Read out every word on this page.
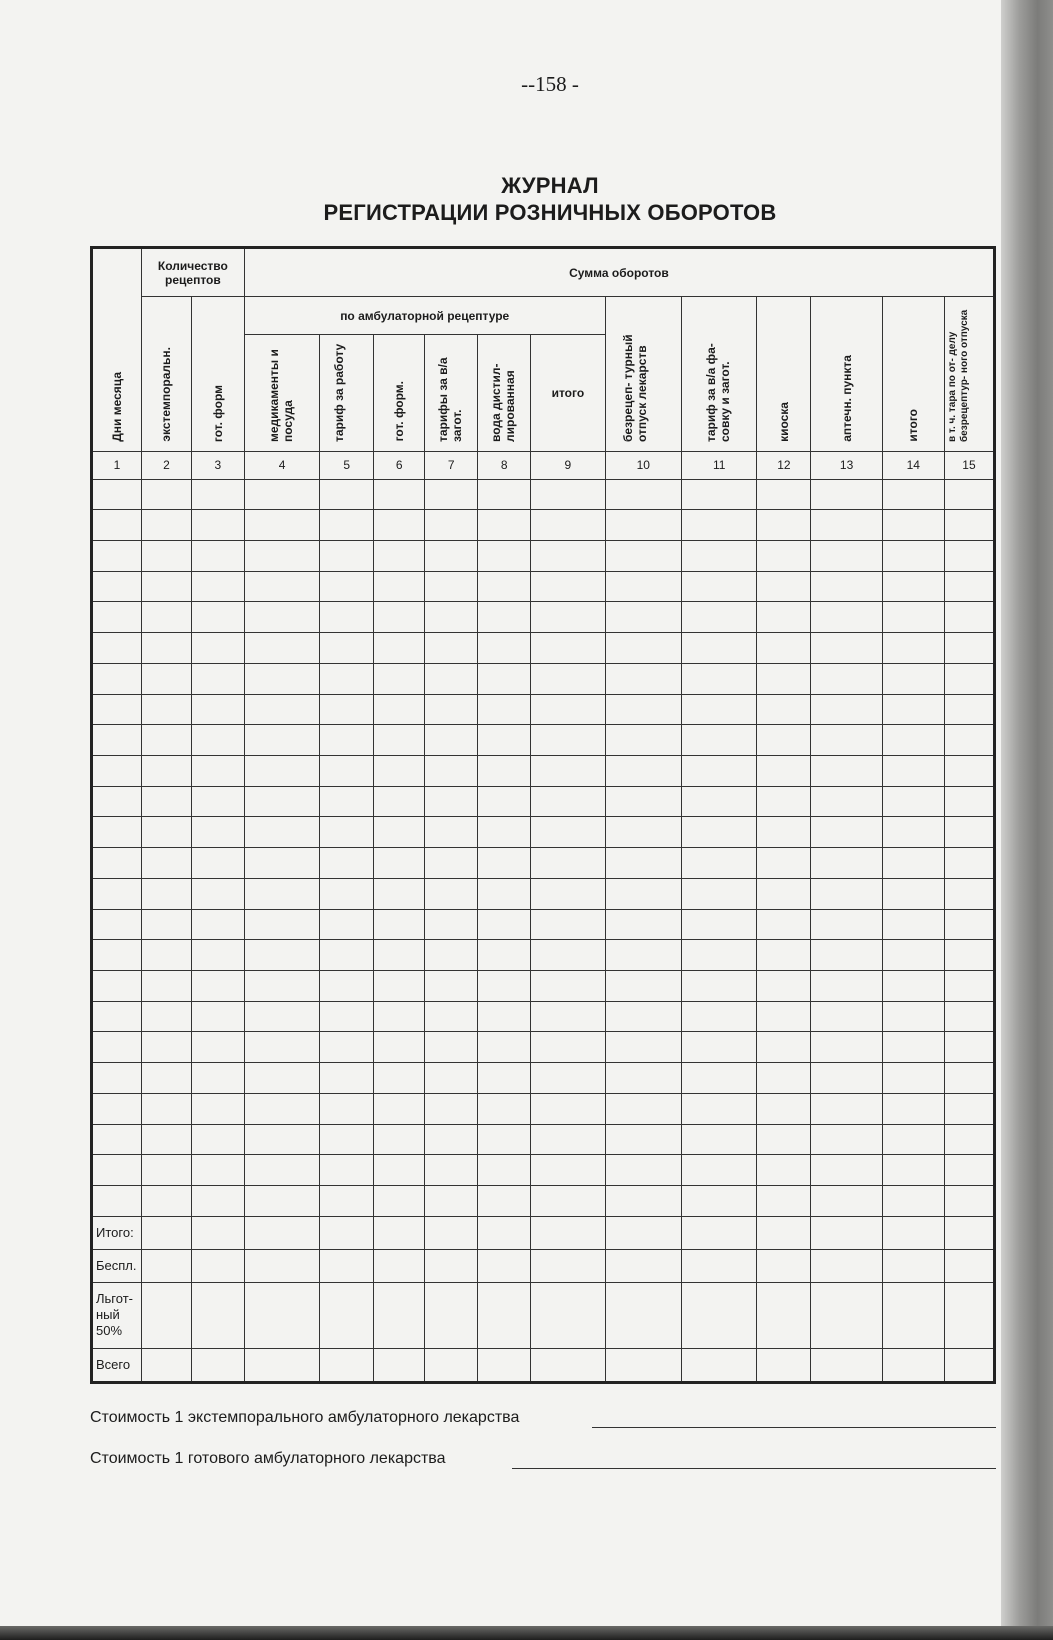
--158 -
ЖУРНАЛ
РЕГИСТРАЦИИ РОЗНИЧНЫХ ОБОРОТОВ
Дни месяца	Количество рецептов		Сумма оборотов											
	экстемпоральн.	гот. форм	по амбулаторной рецептуре						безрецеп- турный отпуск лекарств	тариф за в/а фа- совку и загот.	киоска	аптечн. пункта	итого	в т. ч. тара по от- делу безрецептур- ного отпуска
			медикаменты и посуда	тариф за работу	гот. форм.	тарифы за в/а загот.	вода дистил- лированная	итого						
1	2	3	4	5	6	7	8	9	10	11	12	13	14	15

Итого:														
Беспл.														
Льгот- ный 50%														
Всего														
Стоимость 1 экстемпорального амбулаторного лекарства
Стоимость 1 готового амбулаторного лекарства
